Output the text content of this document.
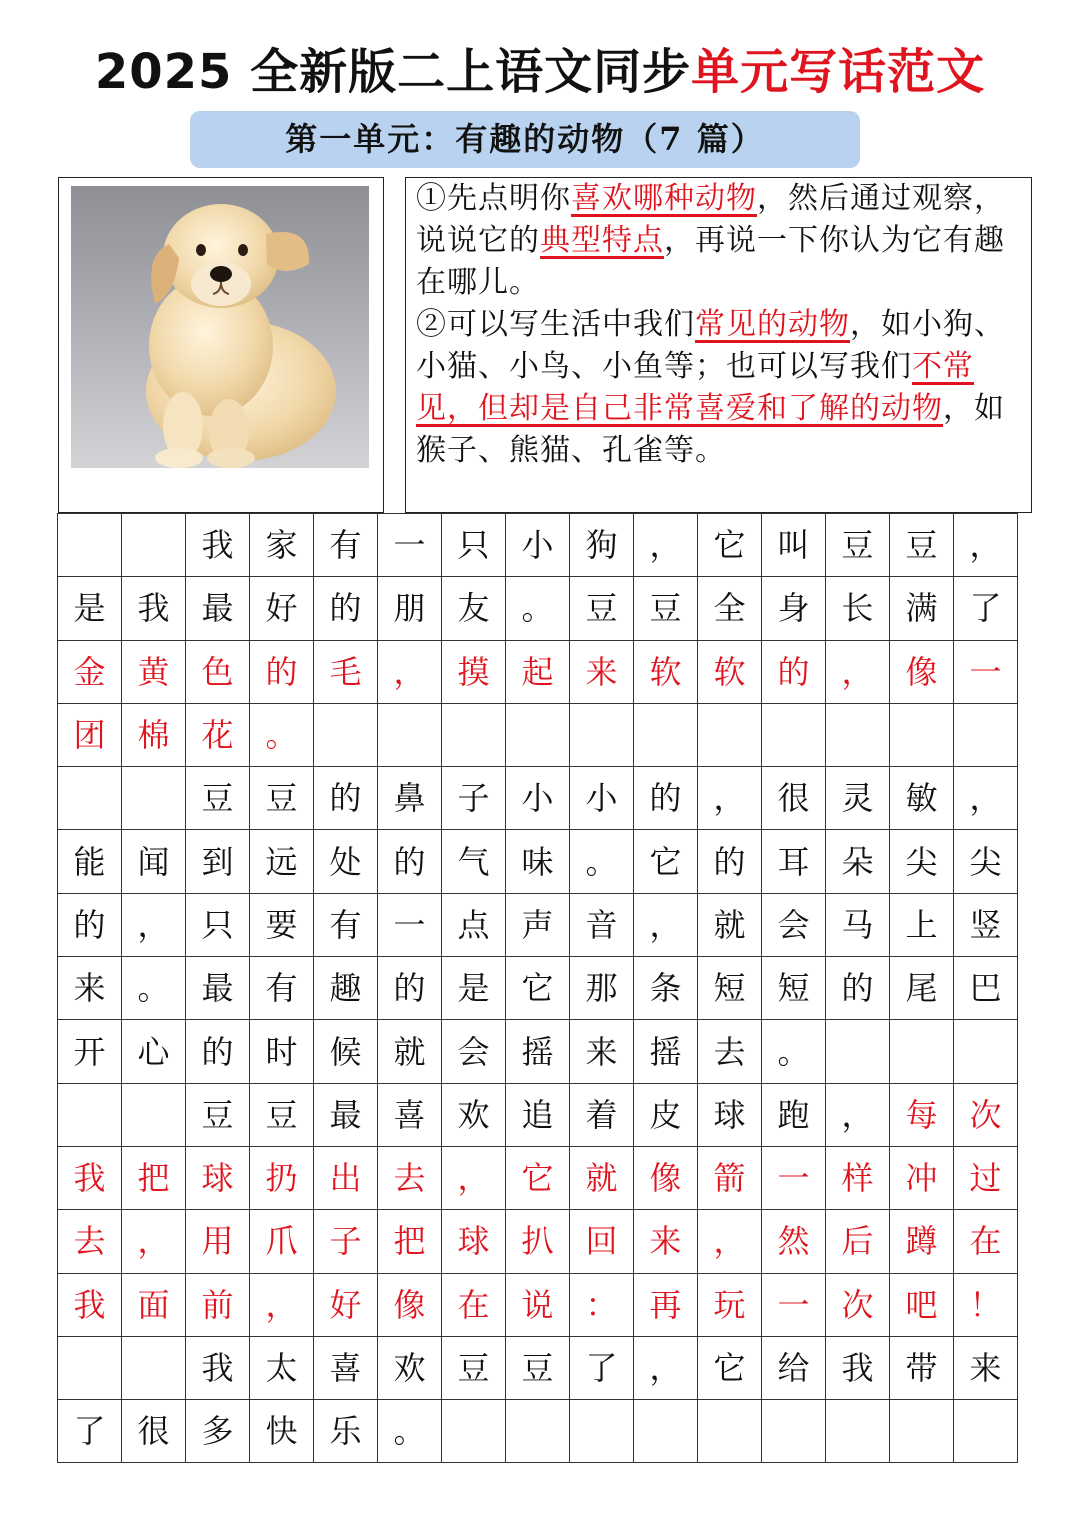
2025 全新版二上语文同步单元写话范文
第一单元：有趣的动物（7 篇）

①先点明你喜欢哪种动物，然后通过观察，说说它的典型特点，再说一下你认为它有趣在哪儿。
②可以写生活中我们常见的动物，如小狗、小猫、小鸟、小鱼等；也可以写我们不常见，但却是自己非常喜爱和了解的动物，如猴子、熊猫、孔雀等。

		我	家	有	一	只	小	狗	，	它	叫	豆	豆	，
是	我	最	好	的	朋	友	。	豆	豆	全	身	长	满	了
金	黄	色	的	毛	，	摸	起	来	软	软	的	，	像	一
团	棉	花	。											
		豆	豆	的	鼻	子	小	小	的	，	很	灵	敏	，
能	闻	到	远	处	的	气	味	。	它	的	耳	朵	尖	尖
的	，	只	要	有	一	点	声	音	，	就	会	马	上	竖
来	。	最	有	趣	的	是	它	那	条	短	短	的	尾	巴
开	心	的	时	候	就	会	摇	来	摇	去	。			
		豆	豆	最	喜	欢	追	着	皮	球	跑	，	每	次
我	把	球	扔	出	去	，	它	就	像	箭	一	样	冲	过
去	，	用	爪	子	把	球	扒	回	来	，	然	后	蹲	在
我	面	前	，	好	像	在	说	：	再	玩	一	次	吧	！
		我	太	喜	欢	豆	豆	了	，	它	给	我	带	来
了	很	多	快	乐	。									
